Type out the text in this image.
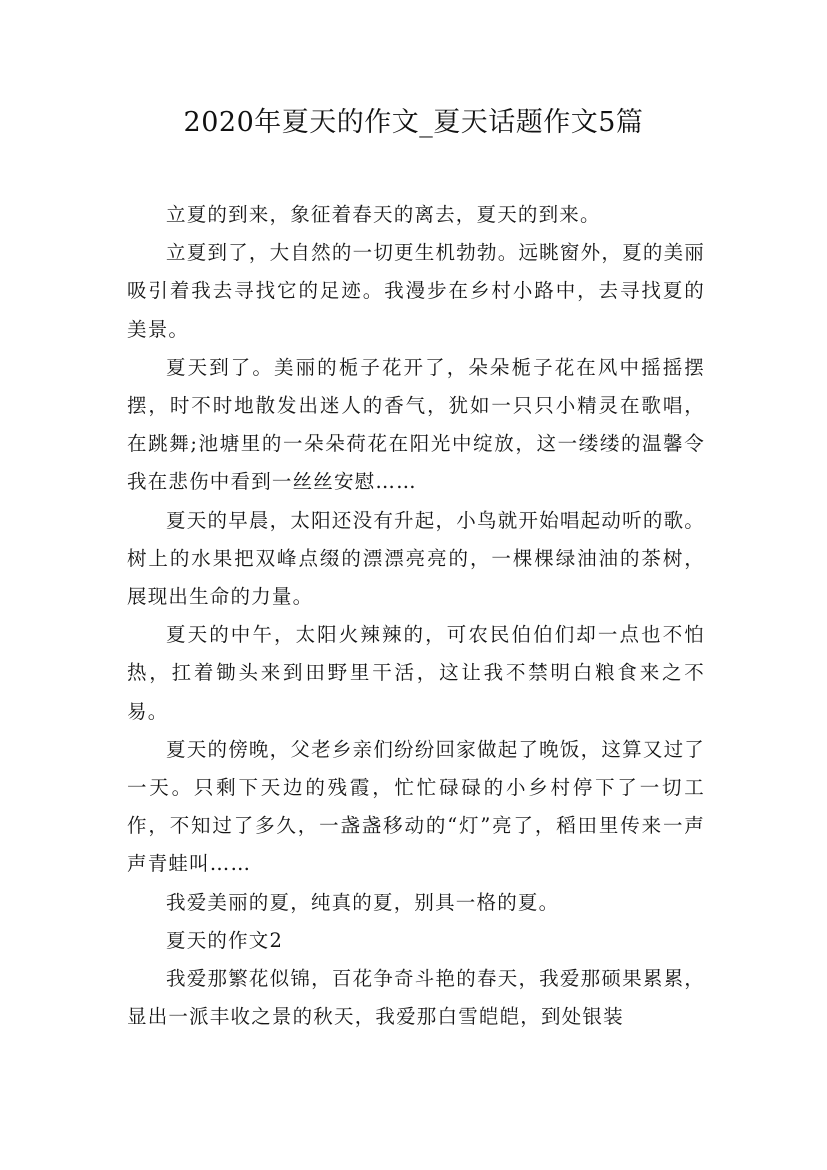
2020年夏天的作文_夏天话题作文5篇

立夏的到来，象征着春天的离去，夏天的到来。

立夏到了，大自然的一切更生机勃勃。远眺窗外，夏的美丽吸引着我去寻找它的足迹。我漫步在乡村小路中，去寻找夏的美景。

夏天到了。美丽的栀子花开了，朵朵栀子花在风中摇摇摆摆，时不时地散发出迷人的香气，犹如一只只小精灵在歌唱，在跳舞;池塘里的一朵朵荷花在阳光中绽放，这一缕缕的温馨令我在悲伤中看到一丝丝安慰……

夏天的早晨，太阳还没有升起，小鸟就开始唱起动听的歌。树上的水果把双峰点缀的漂漂亮亮的，一棵棵绿油油的茶树，展现出生命的力量。

夏天的中午，太阳火辣辣的，可农民伯伯们却一点也不怕热，扛着锄头来到田野里干活，这让我不禁明白粮食来之不易。

夏天的傍晚，父老乡亲们纷纷回家做起了晚饭，这算又过了一天。只剩下天边的残霞，忙忙碌碌的小乡村停下了一切工作，不知过了多久，一盏盏移动的“灯”亮了，稻田里传来一声声青蛙叫……

我爱美丽的夏，纯真的夏，别具一格的夏。

夏天的作文2

我爱那繁花似锦，百花争奇斗艳的春天，我爱那硕果累累，显出一派丰收之景的秋天，我爱那白雪皑皑，到处银装
